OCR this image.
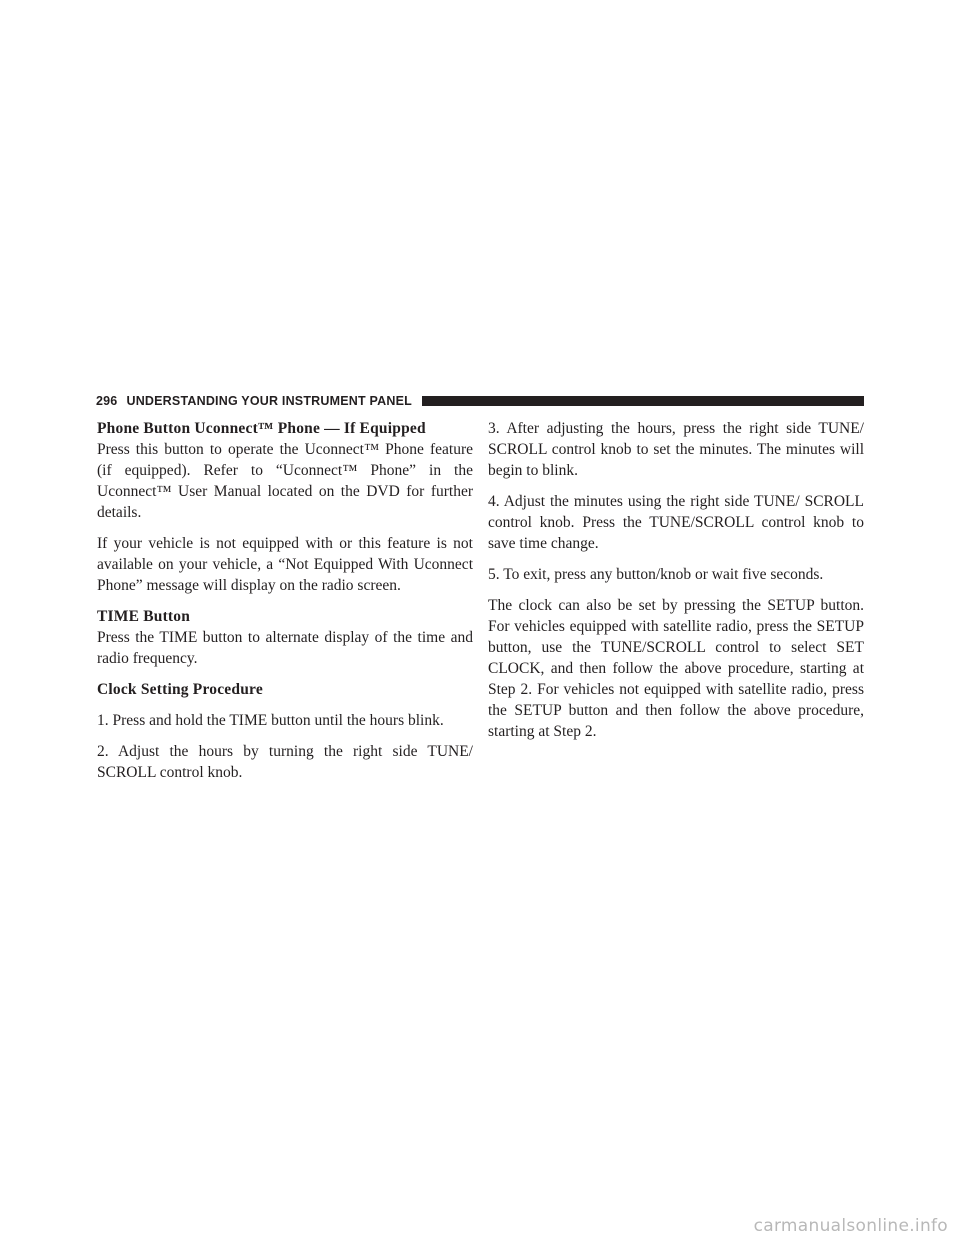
296 UNDERSTANDING YOUR INSTRUMENT PANEL
Phone Button Uconnect™ Phone — If Equipped

Press this button to operate the Uconnect™ Phone feature (if equipped). Refer to “Uconnect™ Phone” in the Uconnect™ User Manual located on the DVD for further details.

If your vehicle is not equipped with or this feature is not available on your vehicle, a “Not Equipped With Uconnect Phone” message will display on the radio screen.

TIME Button

Press the TIME button to alternate display of the time and radio frequency.

Clock Setting Procedure

1. Press and hold the TIME button until the hours blink.

2. Adjust the hours by turning the right side TUNE/ SCROLL control knob.

3. After adjusting the hours, press the right side TUNE/ SCROLL control knob to set the minutes. The minutes will begin to blink.

4. Adjust the minutes using the right side TUNE/ SCROLL control knob. Press the TUNE/SCROLL control knob to save time change.

5. To exit, press any button/knob or wait five seconds.

The clock can also be set by pressing the SETUP button. For vehicles equipped with satellite radio, press the SETUP button, use the TUNE/SCROLL control to select SET CLOCK, and then follow the above procedure, starting at Step 2. For vehicles not equipped with satellite radio, press the SETUP button and then follow the above procedure, starting at Step 2.

carmanualsonline.info
